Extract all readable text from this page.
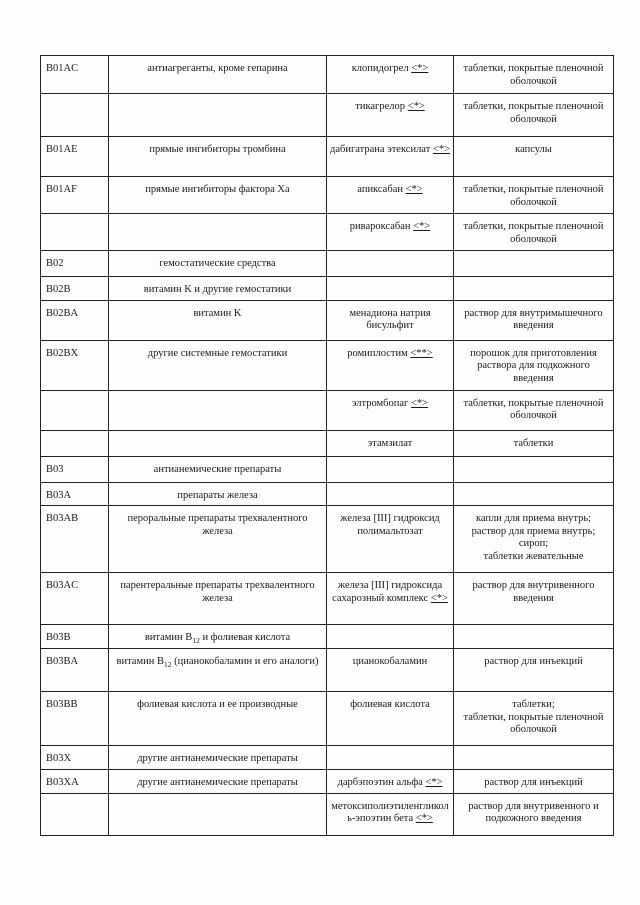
B01AC	антиагреганты, кроме гепарина	клопидогрел <*>	таблетки, покрытые пленочной оболочкой

		тикагрелор <*>	таблетки, покрытые пленочной оболочкой

B01AE	прямые ингибиторы тромбина	дабигатрана этексилат <*>	капсулы

B01AF	прямые ингибиторы фактора Ха	апиксабан <*>	таблетки, покрытые пленочной оболочкой

		ривароксабан <*>	таблетки, покрытые пленочной оболочкой

B02	гемостатические средства		

B02B	витамин K и другие гемостатики		

B02BA	витамин K	менадиона натрия бисульфит	раствор для внутримышечного введения

B02BX	другие системные гемостатики	ромиплостим <**>	порошок для приготовления раствора для подкожного введения

		элтромбопаг <*>	таблетки, покрытые пленочной оболочкой

		этамзилат	таблетки

B03	антианемические препараты		

B03A	препараты железа		

B03AB	пероральные препараты трехвалентного железа	железа [III] гидроксид полимальтозат	капли для приема внутрь;
раствор для приема внутрь;
сироп;
таблетки жевательные

B03AC	парентеральные препараты трехвалентного железа	железа [III] гидроксида сахарозный комплекс <*>	раствор для внутривенного введения

B03B	витамин $B_{12}$ и фолиевая кислота		

B03BA	витамин $B_{12}$ (цианокобаламин и его аналоги)	цианокобаламин	раствор для инъекций

B03BB	фолиевая кислота и ее производные	фолиевая кислота	таблетки;
таблетки, покрытые пленочной оболочкой

B03X	другие антианемические препараты		

B03XA	другие антианемические препараты	дарбэпоэтин альфа <*>	раствор для инъекций

		метоксиполиэтиленгликоль-эпоэтин бета <*>	раствор для внутривенного и подкожного введения
